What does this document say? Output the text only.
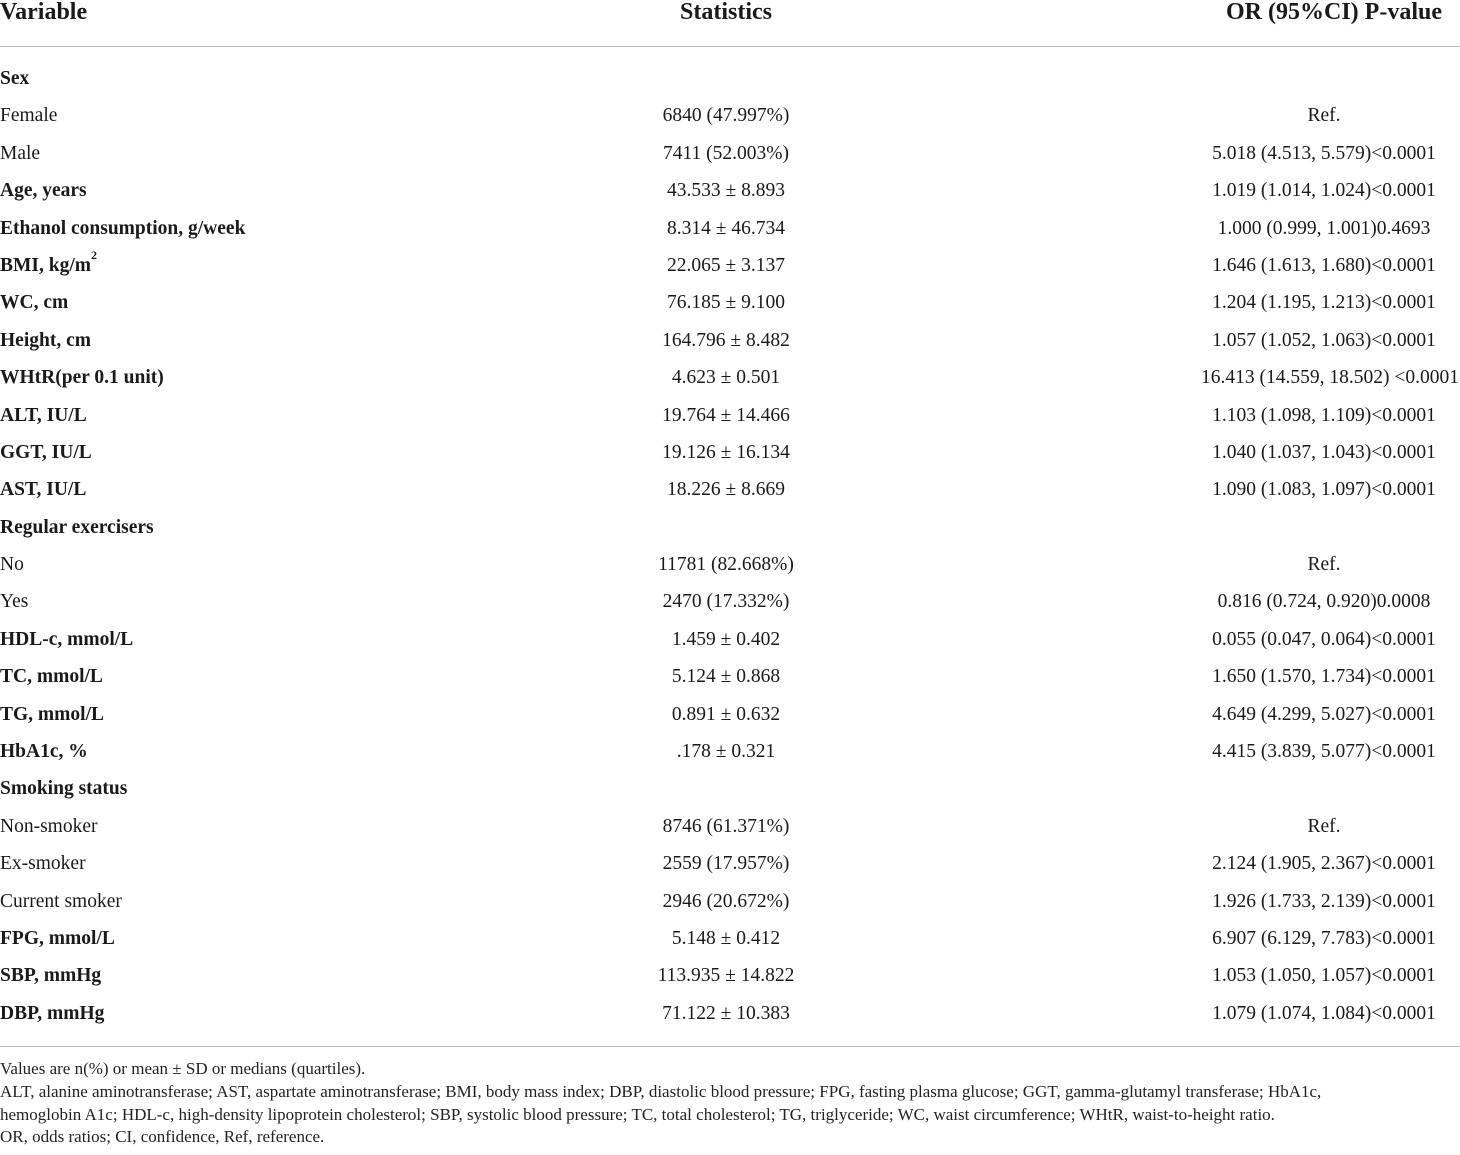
Variable	Statistics	OR (95%CI) P-value
Sex
Female	6840 (47.997%)	Ref.
Male	7411 (52.003%)	5.018 (4.513, 5.579)<0.0001
Age, years	43.533 ± 8.893	1.019 (1.014, 1.024)<0.0001
Ethanol consumption, g/week	8.314 ± 46.734	1.000 (0.999, 1.001)0.4693
BMI, $kg/m^2$	22.065 ± 3.137	1.646 (1.613, 1.680)<0.0001
WC, cm	76.185 ± 9.100	1.204 (1.195, 1.213)<0.0001
Height, cm	164.796 ± 8.482	1.057 (1.052, 1.063)<0.0001
WHtR(per 0.1 unit)	4.623 ± 0.501	16.413 (14.559, 18.502) <0.0001
ALT, IU/L	19.764 ± 14.466	1.103 (1.098, 1.109)<0.0001
GGT, IU/L	19.126 ± 16.134	1.040 (1.037, 1.043)<0.0001
AST, IU/L	18.226 ± 8.669	1.090 (1.083, 1.097)<0.0001
Regular exercisers
No	11781 (82.668%)	Ref.
Yes	2470 (17.332%)	0.816 (0.724, 0.920)0.0008
HDL-c, mmol/L	1.459 ± 0.402	0.055 (0.047, 0.064)<0.0001
TC, mmol/L	5.124 ± 0.868	1.650 (1.570, 1.734)<0.0001
TG, mmol/L	0.891 ± 0.632	4.649 (4.299, 5.027)<0.0001
HbA1c, %	.178 ± 0.321	4.415 (3.839, 5.077)<0.0001
Smoking status
Non-smoker	8746 (61.371%)	Ref.
Ex-smoker	2559 (17.957%)	2.124 (1.905, 2.367)<0.0001
Current smoker	2946 (20.672%)	1.926 (1.733, 2.139)<0.0001
FPG, mmol/L	5.148 ± 0.412	6.907 (6.129, 7.783)<0.0001
SBP, mmHg	113.935 ± 14.822	1.053 (1.050, 1.057)<0.0001
DBP, mmHg	71.122 ± 10.383	1.079 (1.074, 1.084)<0.0001
Values are n(%) or mean ± SD or medians (quartiles).
ALT, alanine aminotransferase; AST, aspartate aminotransferase; BMI, body mass index; DBP, diastolic blood pressure; FPG, fasting plasma glucose; GGT, gamma-glutamyl transferase; HbA1c,
hemoglobin A1c; HDL-c, high-density lipoprotein cholesterol; SBP, systolic blood pressure; TC, total cholesterol; TG, triglyceride; WC, waist circumference; WHtR, waist-to-height ratio.
OR, odds ratios; CI, confidence, Ref, reference.
